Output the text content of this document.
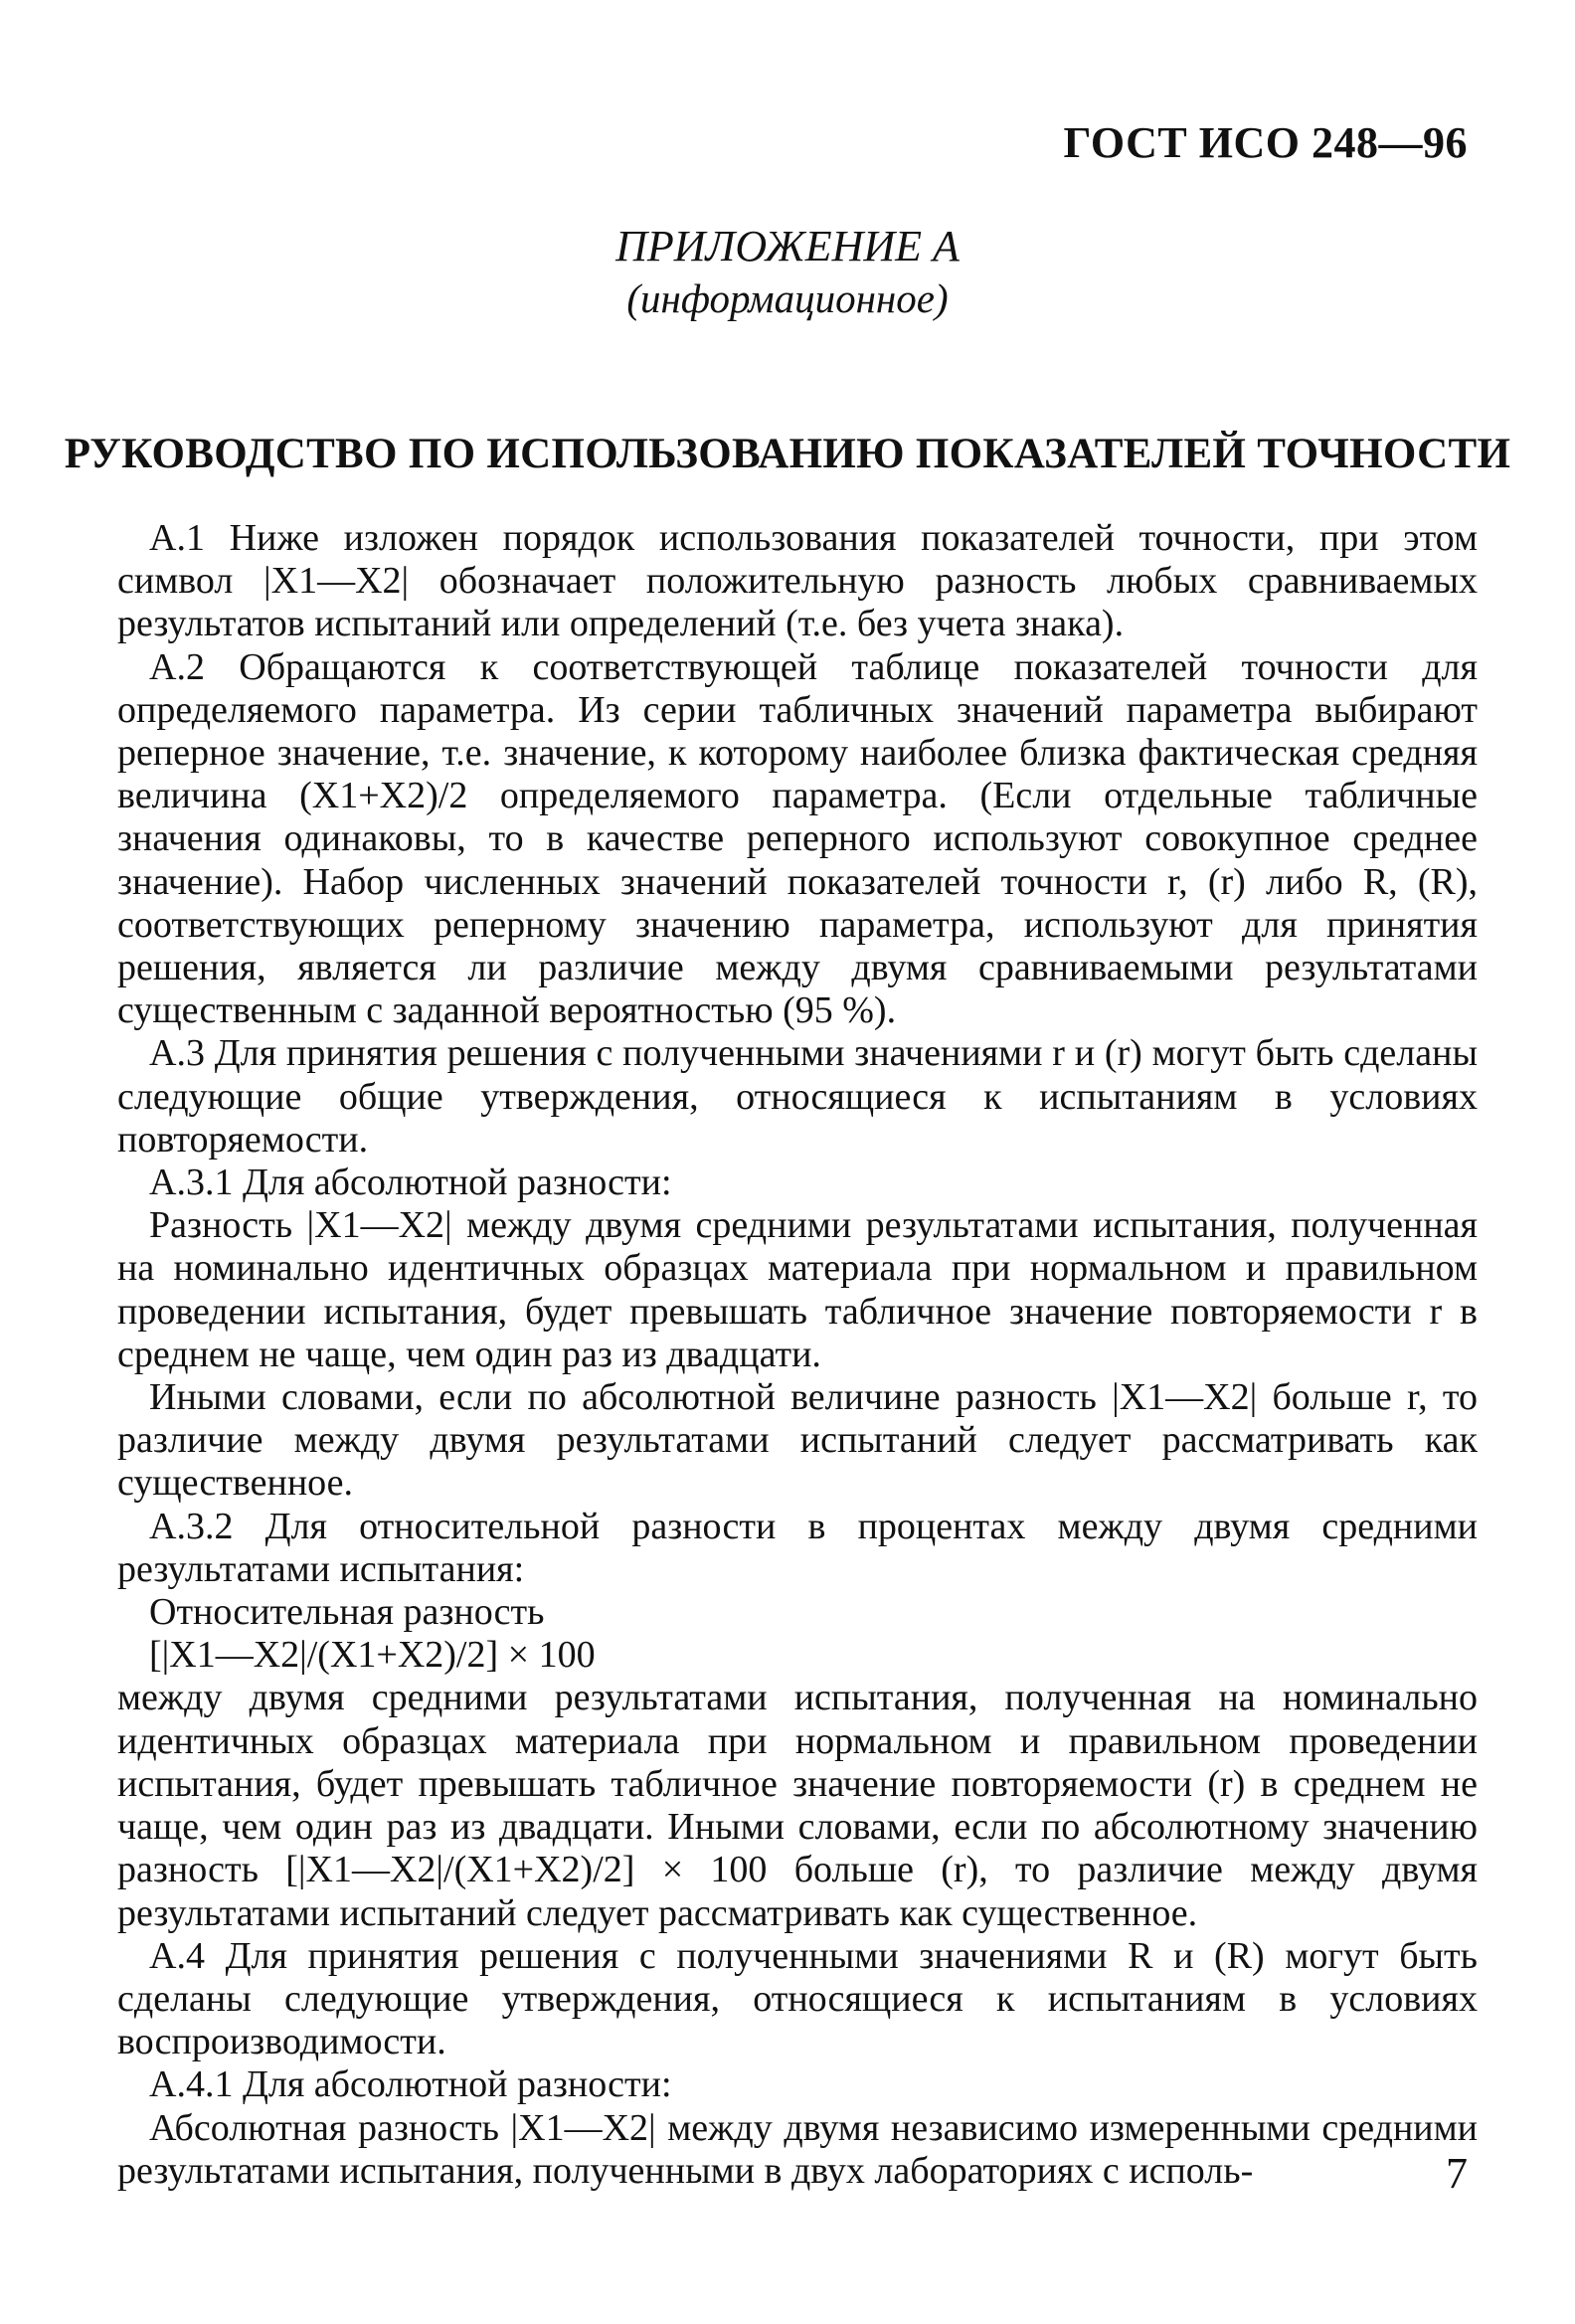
ГОСТ ИСО 248—96
ПРИЛОЖЕНИЕ А
(информационное)
РУКОВОДСТВО ПО ИСПОЛЬЗОВАНИЮ ПОКАЗАТЕЛЕЙ ТОЧНОСТИ

А.1 Ниже изложен порядок использования показателей точности, при этом символ |X1—X2| обозначает положительную разность любых сравниваемых результатов испытаний или определений (т.е. без учета знака).

А.2 Обращаются к соответствующей таблице показателей точности для определяемого параметра. Из серии табличных значений параметра выбирают реперное значение, т.е. значение, к которому наиболее близка фактическая средняя величина (X1+X2)/2 определяемого параметра. (Если отдельные табличные значения одинаковы, то в качестве реперного используют совокупное среднее значение). Набор численных значений показателей точности r, (r) либо R, (R), соответствующих реперному значению параметра, используют для принятия решения, является ли различие между двумя сравниваемыми результатами существенным с заданной вероятностью (95 %).

А.3 Для принятия решения с полученными значениями r и (r) могут быть сделаны следующие общие утверждения, относящиеся к испытаниям в условиях повторяемости.

А.3.1 Для абсолютной разности:

Разность |X1—X2| между двумя средними результатами испытания, полученная на номинально идентичных образцах материала при нормальном и правильном проведении испытания, будет превышать табличное значение повторяемости r в среднем не чаще, чем один раз из двадцати.

Иными словами, если по абсолютной величине разность |X1—X2| больше r, то различие между двумя результатами испытаний следует рассматривать как существенное.

А.3.2 Для относительной разности в процентах между двумя средними результатами испытания:

Относительная разность

[|X1—X2|/(X1+X2)/2] × 100

между двумя средними результатами испытания, полученная на номинально идентичных образцах материала при нормальном и правильном проведении испытания, будет превышать табличное значение повторяемости (r) в среднем не чаще, чем один раз из двадцати. Иными словами, если по абсолютному значению разность [|X1—X2|/(X1+X2)/2] × 100 больше (r), то различие между двумя результатами испытаний следует рассматривать как существенное.

А.4 Для принятия решения с полученными значениями R и (R) могут быть сделаны следующие утверждения, относящиеся к испытаниям в условиях воспроизводимости.

А.4.1 Для абсолютной разности:

Абсолютная разность |X1—X2| между двумя независимо измеренными средними результатами испытания, полученными в двух лабораториях с исполь-	7
